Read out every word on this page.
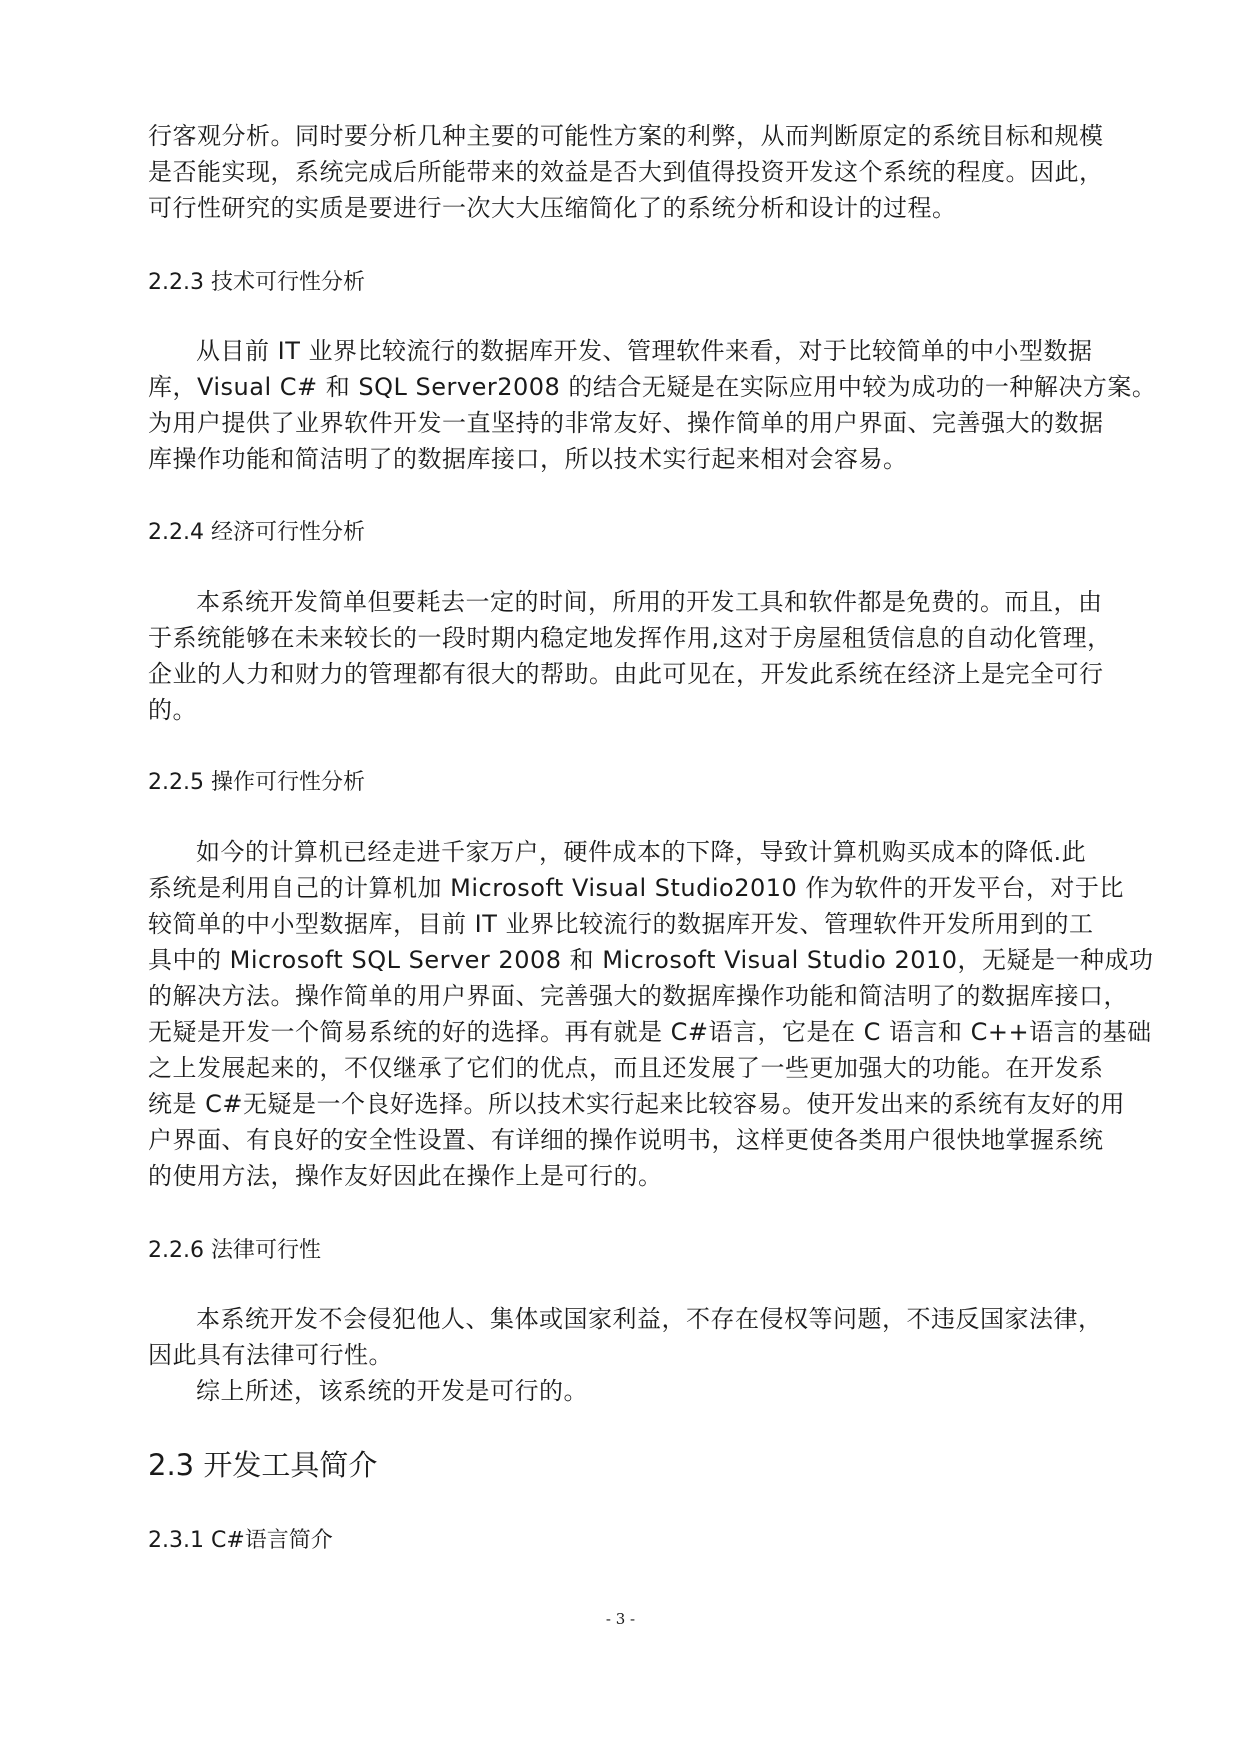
行客观分析。同时要分析几种主要的可能性方案的利弊，从而判断原定的系统目标和规模
是否能实现，系统完成后所能带来的效益是否大到值得投资开发这个系统的程度。因此，
可行性研究的实质是要进行一次大大压缩简化了的系统分析和设计的过程。
2.2.3 技术可行性分析
从目前 IT 业界比较流行的数据库开发、管理软件来看，对于比较简单的中小型数据
库，Visual C# 和 SQL Server2008 的结合无疑是在实际应用中较为成功的一种解决方案。
为用户提供了业界软件开发一直坚持的非常友好、操作简单的用户界面、完善强大的数据
库操作功能和简洁明了的数据库接口，所以技术实行起来相对会容易。
2.2.4 经济可行性分析
本系统开发简单但要耗去一定的时间，所用的开发工具和软件都是免费的。而且，由
于系统能够在未来较长的一段时期内稳定地发挥作用,这对于房屋租赁信息的自动化管理，
企业的人力和财力的管理都有很大的帮助。由此可见在，开发此系统在经济上是完全可行
的。
2.2.5 操作可行性分析
如今的计算机已经走进千家万户，硬件成本的下降，导致计算机购买成本的降低.此
系统是利用自己的计算机加 Microsoft Visual Studio2010 作为软件的开发平台，对于比
较简单的中小型数据库，目前 IT 业界比较流行的数据库开发、管理软件开发所用到的工
具中的 Microsoft SQL Server 2008 和 Microsoft Visual Studio 2010，无疑是一种成功
的解决方法。操作简单的用户界面、完善强大的数据库操作功能和简洁明了的数据库接口，
无疑是开发一个简易系统的好的选择。再有就是 C#语言，它是在 C 语言和 C++语言的基础
之上发展起来的，不仅继承了它们的优点，而且还发展了一些更加强大的功能。在开发系
统是 C#无疑是一个良好选择。所以技术实行起来比较容易。使开发出来的系统有友好的用
户界面、有良好的安全性设置、有详细的操作说明书，这样更使各类用户很快地掌握系统
的使用方法，操作友好因此在操作上是可行的。
2.2.6 法律可行性
本系统开发不会侵犯他人、集体或国家利益，不存在侵权等问题，不违反国家法律，
因此具有法律可行性。
综上所述，该系统的开发是可行的。
2.3 开发工具简介
2.3.1 C#语言简介
- 3 -
